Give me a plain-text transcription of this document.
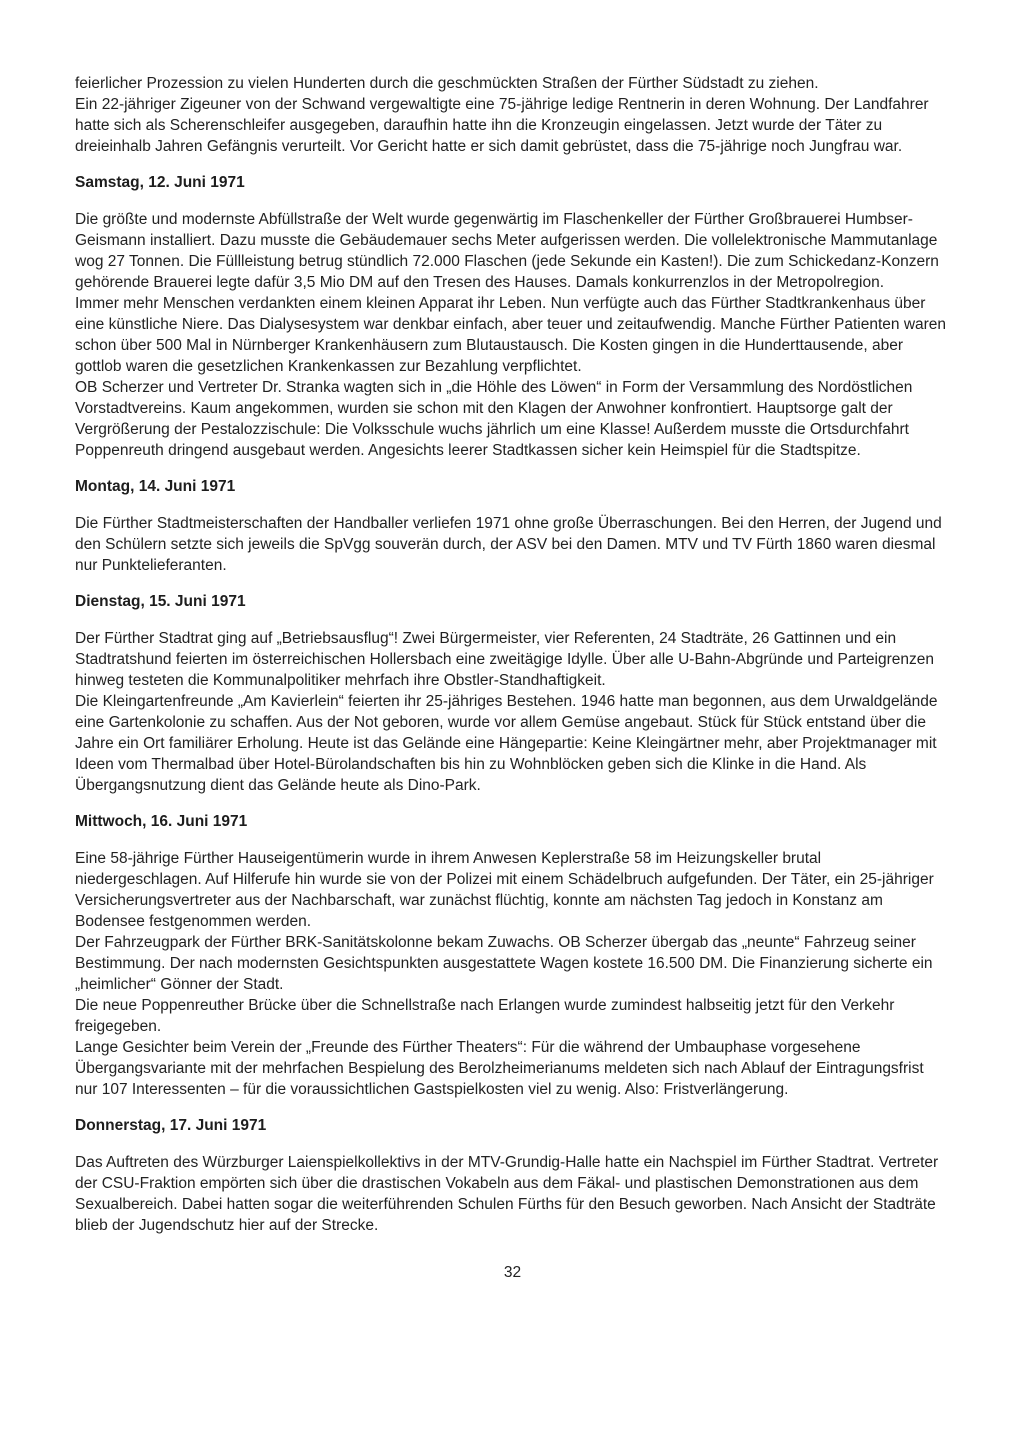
feierlicher Prozession zu vielen Hunderten durch die geschmückten Straßen der Fürther Südstadt zu ziehen.

Ein 22-jähriger Zigeuner von der Schwand vergewaltigte eine 75-jährige ledige Rentnerin in deren Wohnung. Der Landfahrer hatte sich als Scherenschleifer ausgegeben, daraufhin hatte ihn die Kronzeugin eingelassen. Jetzt wurde der Täter zu dreieinhalb Jahren Gefängnis verurteilt. Vor Gericht hatte er sich damit gebrüstet, dass die 75-jährige noch Jungfrau war.

Samstag, 12. Juni 1971

Die größte und modernste Abfüllstraße der Welt wurde gegenwärtig im Flaschenkeller der Fürther Großbrauerei Humbser-Geismann installiert. Dazu musste die Gebäudemauer sechs Meter aufgerissen werden. Die vollelektronische Mammutanlage wog 27 Tonnen. Die Füllleistung betrug stündlich 72.000 Flaschen (jede Sekunde ein Kasten!). Die zum Schickedanz-Konzern gehörende Brauerei legte dafür 3,5 Mio DM auf den Tresen des Hauses. Damals konkurrenzlos in der Metropolregion.

Immer mehr Menschen verdankten einem kleinen Apparat ihr Leben. Nun verfügte auch das Fürther Stadtkrankenhaus über eine künstliche Niere. Das Dialysesystem war denkbar einfach, aber teuer und zeitaufwendig. Manche Fürther Patienten waren schon über 500 Mal in Nürnberger Krankenhäusern zum Blutaustausch. Die Kosten gingen in die Hunderttausende, aber gottlob waren die gesetzlichen Krankenkassen zur Bezahlung verpflichtet.

OB Scherzer und Vertreter Dr. Stranka wagten sich in „die Höhle des Löwen“ in Form der Versammlung des Nordöstlichen Vorstadtvereins. Kaum angekommen, wurden sie schon mit den Klagen der Anwohner konfrontiert. Hauptsorge galt der Vergrößerung der Pestalozzischule: Die Volksschule wuchs jährlich um eine Klasse! Außerdem musste die Ortsdurchfahrt Poppenreuth dringend ausgebaut werden. Angesichts leerer Stadtkassen sicher kein Heimspiel für die Stadtspitze.

Montag, 14. Juni 1971

Die Fürther Stadtmeisterschaften der Handballer verliefen 1971 ohne große Überraschungen. Bei den Herren, der Jugend und den Schülern setzte sich jeweils die SpVgg souverän durch, der ASV bei den Damen. MTV und TV Fürth 1860 waren diesmal nur Punktelieferanten.

Dienstag, 15. Juni 1971

Der Fürther Stadtrat ging auf „Betriebsausflug“! Zwei Bürgermeister, vier Referenten, 24 Stadträte, 26 Gattinnen und ein Stadtratshund feierten im österreichischen Hollersbach eine zweitägige Idylle. Über alle U-Bahn-Abgründe und Parteigrenzen hinweg testeten die Kommunalpolitiker mehrfach ihre Obstler-Standhaftigkeit.

Die Kleingartenfreunde „Am Kavierlein“ feierten ihr 25-jähriges Bestehen. 1946 hatte man begonnen, aus dem Urwaldgelände eine Gartenkolonie zu schaffen. Aus der Not geboren, wurde vor allem Gemüse angebaut. Stück für Stück entstand über die Jahre ein Ort familiärer Erholung. Heute ist das Gelände eine Hängepartie: Keine Kleingärtner mehr, aber Projektmanager mit Ideen vom Thermalbad über Hotel-Bürolandschaften bis hin zu Wohnblöcken geben sich die Klinke in die Hand. Als Übergangsnutzung dient das Gelände heute als Dino-Park.

Mittwoch, 16. Juni 1971

Eine 58-jährige Fürther Hauseigentümerin wurde in ihrem Anwesen Keplerstraße 58 im Heizungskeller brutal niedergeschlagen. Auf Hilferufe hin wurde sie von der Polizei mit einem Schädelbruch aufgefunden. Der Täter, ein 25-jähriger Versicherungsvertreter aus der Nachbarschaft, war zunächst flüchtig, konnte am nächsten Tag jedoch in Konstanz am Bodensee festgenommen werden.

Der Fahrzeugpark der Fürther BRK-Sanitätskolonne bekam Zuwachs. OB Scherzer übergab das „neunte“ Fahrzeug seiner Bestimmung. Der nach modernsten Gesichtspunkten ausgestattete Wagen kostete 16.500 DM. Die Finanzierung sicherte ein „heimlicher“ Gönner der Stadt.

Die neue Poppenreuther Brücke über die Schnellstraße nach Erlangen wurde zumindest halbseitig jetzt für den Verkehr freigegeben.

Lange Gesichter beim Verein der „Freunde des Fürther Theaters“: Für die während der Umbauphase vorgesehene Übergangsvariante mit der mehrfachen Bespielung des Berolzheimerianums meldeten sich nach Ablauf der Eintragungsfrist nur 107 Interessenten – für die voraussichtlichen Gastspielkosten viel zu wenig. Also: Fristverlängerung.

Donnerstag, 17. Juni 1971

Das Auftreten des Würzburger Laienspielkollektivs in der MTV-Grundig-Halle hatte ein Nachspiel im Fürther Stadtrat. Vertreter der CSU-Fraktion empörten sich über die drastischen Vokabeln aus dem Fäkal- und plastischen Demonstrationen aus dem Sexualbereich. Dabei hatten sogar die weiterführenden Schulen Fürths für den Besuch geworben. Nach Ansicht der Stadträte blieb der Jugendschutz hier auf der Strecke.

32
